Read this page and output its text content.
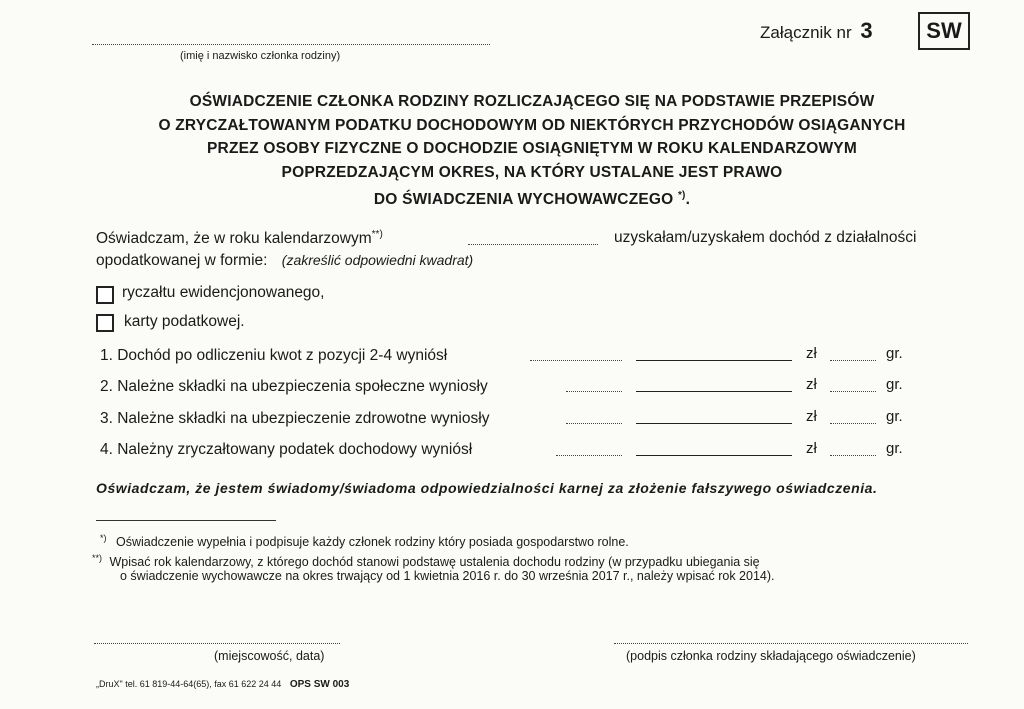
(imię i nazwisko członka rodziny)
Załącznik nr 3	SW
OŚWIADCZENIE CZŁONKA RODZINY ROZLICZAJĄCEGO SIĘ NA PODSTAWIE PRZEPISÓW
O ZRYCZAŁTOWANYM PODATKU DOCHODOWYM OD NIEKTÓRYCH PRZYCHODÓW OSIĄGANYCH
PRZEZ OSOBY FIZYCZNE O DOCHODZIE OSIĄGNIĘTYM W ROKU KALENDARZOWYM
POPRZEDZAJĄCYM OKRES, NA KTÓRY USTALANE JEST PRAWO
DO ŚWIADCZENIA WYCHOWAWCZEGO *).
Oświadczam, że w roku kalendarzowym**)	uzyskałam/uzyskałem dochód z działalności
opodatkowanej w formie: (zakreślić odpowiedni kwadrat)
ryczałtu ewidencjonowanego,
karty podatkowej.
1. Dochód po odliczeniu kwot z pozycji 2-4 wyniósł	zł	gr.
2. Należne składki na ubezpieczenia społeczne wyniosły	zł	gr.
3. Należne składki na ubezpieczenie zdrowotne wyniosły	zł	gr.
4. Należny zryczałtowany podatek dochodowy wyniósł	zł	gr.
Oświadczam, że jestem świadomy/świadoma odpowiedzialności karnej za złożenie fałszywego oświadczenia.
*) Oświadczenie wypełnia i podpisuje każdy członek rodziny który posiada gospodarstwo rolne.
**) Wpisać rok kalendarzowy, z którego dochód stanowi podstawę ustalenia dochodu rodziny (w przypadku ubiegania się
o świadczenie wychowawcze na okres trwający od 1 kwietnia 2016 r. do 30 września 2017 r., należy wpisać rok 2014).
(miejscowość, data)	(podpis członka rodziny składającego oświadczenie)
„DruX" tel. 61 819-44-64(65), fax 61 622 24 44 OPS SW 003
